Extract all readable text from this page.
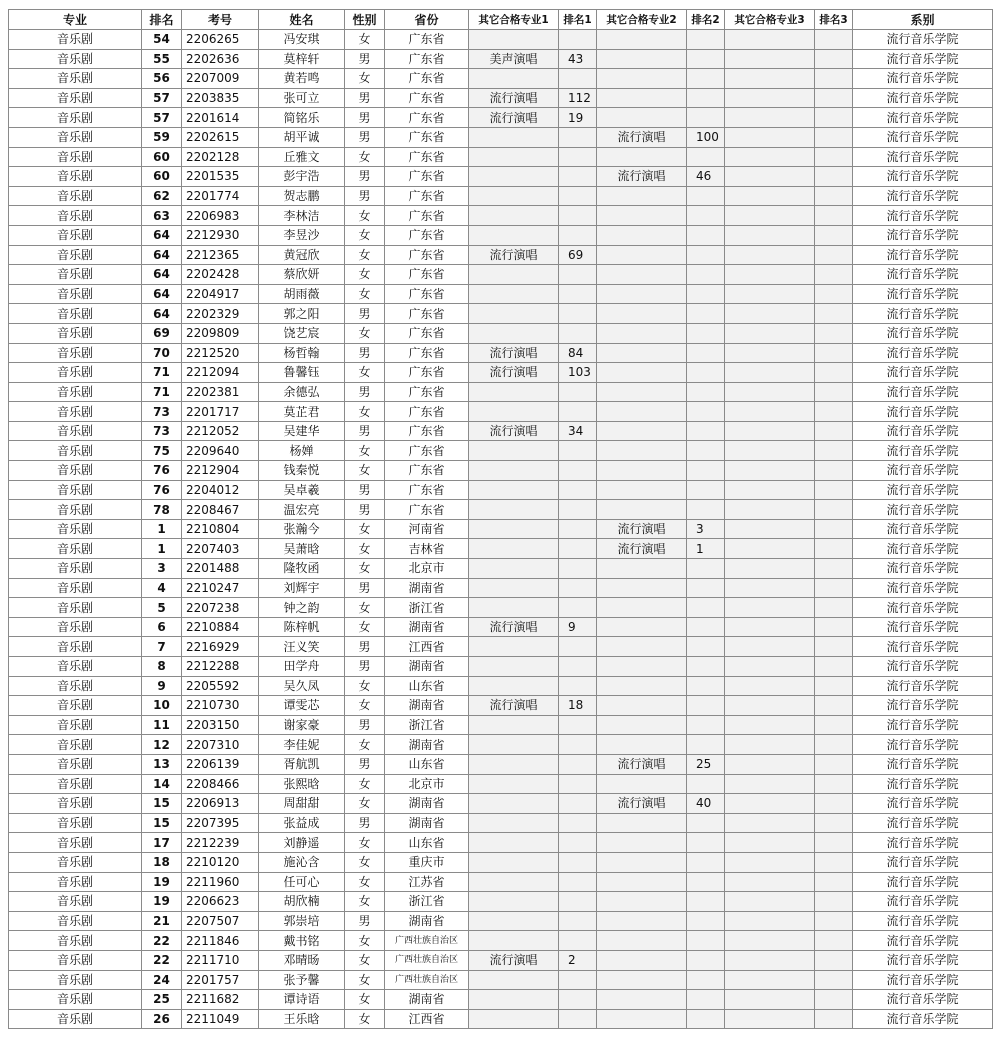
专业	排名	考号	姓名	性别	省份	其它合格专业1	排名1	其它合格专业2	排名2	其它合格专业3	排名3	系别
音乐剧	54	2206265	冯安琪	女	广东省							流行音乐学院
音乐剧	55	2202636	莫梓轩	男	广东省	美声演唱	43					流行音乐学院
音乐剧	56	2207009	黄若鸣	女	广东省							流行音乐学院
音乐剧	57	2203835	张可立	男	广东省	流行演唱	112					流行音乐学院
音乐剧	57	2201614	简铭乐	男	广东省	流行演唱	19					流行音乐学院
音乐剧	59	2202615	胡平诚	男	广东省			流行演唱	100			流行音乐学院
音乐剧	60	2202128	丘雅文	女	广东省							流行音乐学院
音乐剧	60	2201535	彭宇浩	男	广东省			流行演唱	46			流行音乐学院
音乐剧	62	2201774	贺志鹏	男	广东省							流行音乐学院
音乐剧	63	2206983	李林洁	女	广东省							流行音乐学院
音乐剧	64	2212930	李昱沙	女	广东省							流行音乐学院
音乐剧	64	2212365	黄冠欣	女	广东省	流行演唱	69					流行音乐学院
音乐剧	64	2202428	蔡欣妍	女	广东省							流行音乐学院
音乐剧	64	2204917	胡雨薇	女	广东省							流行音乐学院
音乐剧	64	2202329	郭之阳	男	广东省							流行音乐学院
音乐剧	69	2209809	饶艺宸	女	广东省							流行音乐学院
音乐剧	70	2212520	杨哲翰	男	广东省	流行演唱	84					流行音乐学院
音乐剧	71	2212094	鲁馨钰	女	广东省	流行演唱	103					流行音乐学院
音乐剧	71	2202381	余德弘	男	广东省							流行音乐学院
音乐剧	73	2201717	莫芷君	女	广东省							流行音乐学院
音乐剧	73	2212052	吴建华	男	广东省	流行演唱	34					流行音乐学院
音乐剧	75	2209640	杨婵	女	广东省							流行音乐学院
音乐剧	76	2212904	钱秦悦	女	广东省							流行音乐学院
音乐剧	76	2204012	吴卓羲	男	广东省							流行音乐学院
音乐剧	78	2208467	温宏亮	男	广东省							流行音乐学院
音乐剧	1	2210804	张瀚今	女	河南省			流行演唱	3			流行音乐学院
音乐剧	1	2207403	吴萧晗	女	吉林省			流行演唱	1			流行音乐学院
音乐剧	3	2201488	隆牧函	女	北京市							流行音乐学院
音乐剧	4	2210247	刘辉宇	男	湖南省							流行音乐学院
音乐剧	5	2207238	钟之韵	女	浙江省							流行音乐学院
音乐剧	6	2210884	陈梓帆	女	湖南省	流行演唱	9					流行音乐学院
音乐剧	7	2216929	汪义笑	男	江西省							流行音乐学院
音乐剧	8	2212288	田学舟	男	湖南省							流行音乐学院
音乐剧	9	2205592	吴久凤	女	山东省							流行音乐学院
音乐剧	10	2210730	谭雯芯	女	湖南省	流行演唱	18					流行音乐学院
音乐剧	11	2203150	谢家豪	男	浙江省							流行音乐学院
音乐剧	12	2207310	李佳妮	女	湖南省							流行音乐学院
音乐剧	13	2206139	胥航凯	男	山东省			流行演唱	25			流行音乐学院
音乐剧	14	2208466	张熙晗	女	北京市							流行音乐学院
音乐剧	15	2206913	周甜甜	女	湖南省			流行演唱	40			流行音乐学院
音乐剧	15	2207395	张益成	男	湖南省							流行音乐学院
音乐剧	17	2212239	刘静遥	女	山东省							流行音乐学院
音乐剧	18	2210120	施沁含	女	重庆市							流行音乐学院
音乐剧	19	2211960	任可心	女	江苏省							流行音乐学院
音乐剧	19	2206623	胡欣楠	女	浙江省							流行音乐学院
音乐剧	21	2207507	郭崇培	男	湖南省							流行音乐学院
音乐剧	22	2211846	戴书铭	女	广西壮族自治区							流行音乐学院
音乐剧	22	2211710	邓晴旸	女	广西壮族自治区	流行演唱	2					流行音乐学院
音乐剧	24	2201757	张予馨	女	广西壮族自治区							流行音乐学院
音乐剧	25	2211682	谭诗语	女	湖南省							流行音乐学院
音乐剧	26	2211049	王乐晗	女	江西省							流行音乐学院
